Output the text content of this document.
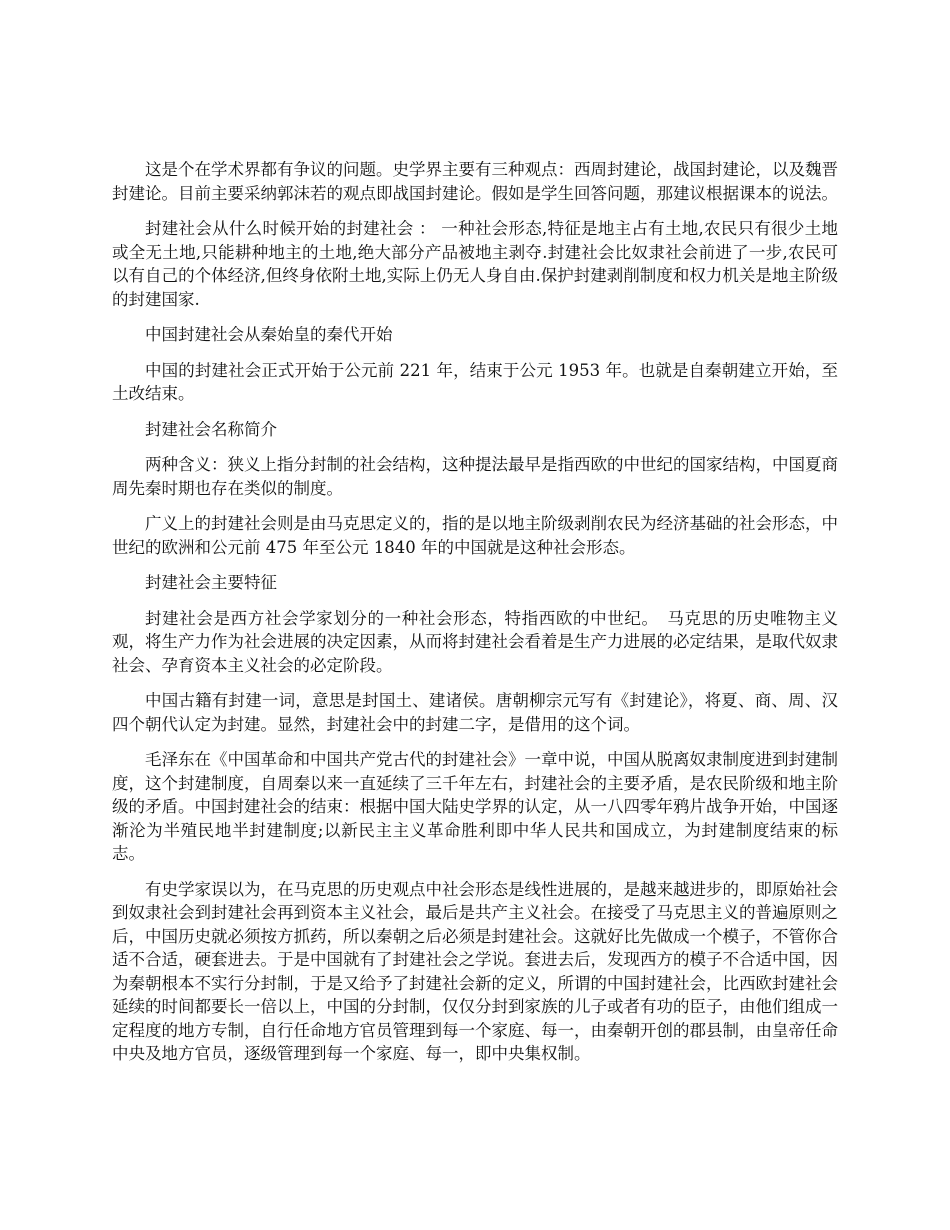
这是个在学术界都有争议的问题。史学界主要有三种观点：西周封建论，战国封建论，以及魏晋封建论。目前主要采纳郭沫若的观点即战国封建论。假如是学生回答问题，那建议根据课本的说法。

封建社会从什么时候开始的封建社会 ： 一种社会形态,特征是地主占有土地,农民只有很少土地或全无土地,只能耕种地主的土地,绝大部分产品被地主剥夺.封建社会比奴隶社会前进了一步,农民可以有自己的个体经济,但终身依附土地,实际上仍无人身自由.保护封建剥削制度和权力机关是地主阶级的封建国家.

中国封建社会从秦始皇的秦代开始

中国的封建社会正式开始于公元前 221 年，结束于公元 1953 年。也就是自秦朝建立开始，至土改结束。

封建社会名称简介

两种含义：狭义上指分封制的社会结构，这种提法最早是指西欧的中世纪的国家结构，中国夏商周先秦时期也存在类似的制度。

广义上的封建社会则是由马克思定义的，指的是以地主阶级剥削农民为经济基础的社会形态，中世纪的欧洲和公元前 475 年至公元 1840 年的中国就是这种社会形态。

封建社会主要特征

封建社会是西方社会学家划分的一种社会形态，特指西欧的中世纪。　马克思的历史唯物主义观，将生产力作为社会进展的决定因素，从而将封建社会看着是生产力进展的必定结果，是取代奴隶社会、孕育资本主义社会的必定阶段。

中国古籍有封建一词，意思是封国土、建诸侯。唐朝柳宗元写有《封建论》，将夏、商、周、汉四个朝代认定为封建。显然，封建社会中的封建二字，是借用的这个词。

毛泽东在《中国革命和中国共产党古代的封建社会》一章中说，中国从脱离奴隶制度进到封建制度，这个封建制度，自周秦以来一直延续了三千年左右，封建社会的主要矛盾，是农民阶级和地主阶级的矛盾。中国封建社会的结束：根据中国大陆史学界的认定，从一八四零年鸦片战争开始，中国逐渐沦为半殖民地半封建制度;以新民主主义革命胜利即中华人民共和国成立，为封建制度结束的标志。

有史学家误以为，在马克思的历史观点中社会形态是线性进展的，是越来越进步的，即原始社会到奴隶社会到封建社会再到资本主义社会，最后是共产主义社会。在接受了马克思主义的普遍原则之后，中国历史就必须按方抓药，所以秦朝之后必须是封建社会。这就好比先做成一个模子，不管你合适不合适，硬套进去。于是中国就有了封建社会之学说。套进去后，发现西方的模子不合适中国，因为秦朝根本不实行分封制，于是又给予了封建社会新的定义，所谓的中国封建社会，比西欧封建社会延续的时间都要长一倍以上，中国的分封制，仅仅分封到家族的儿子或者有功的臣子，由他们组成一定程度的地方专制，自行任命地方官员管理到每一个家庭、每一，由秦朝开创的郡县制，由皇帝任命中央及地方官员，逐级管理到每一个家庭、每一，即中央集权制。
